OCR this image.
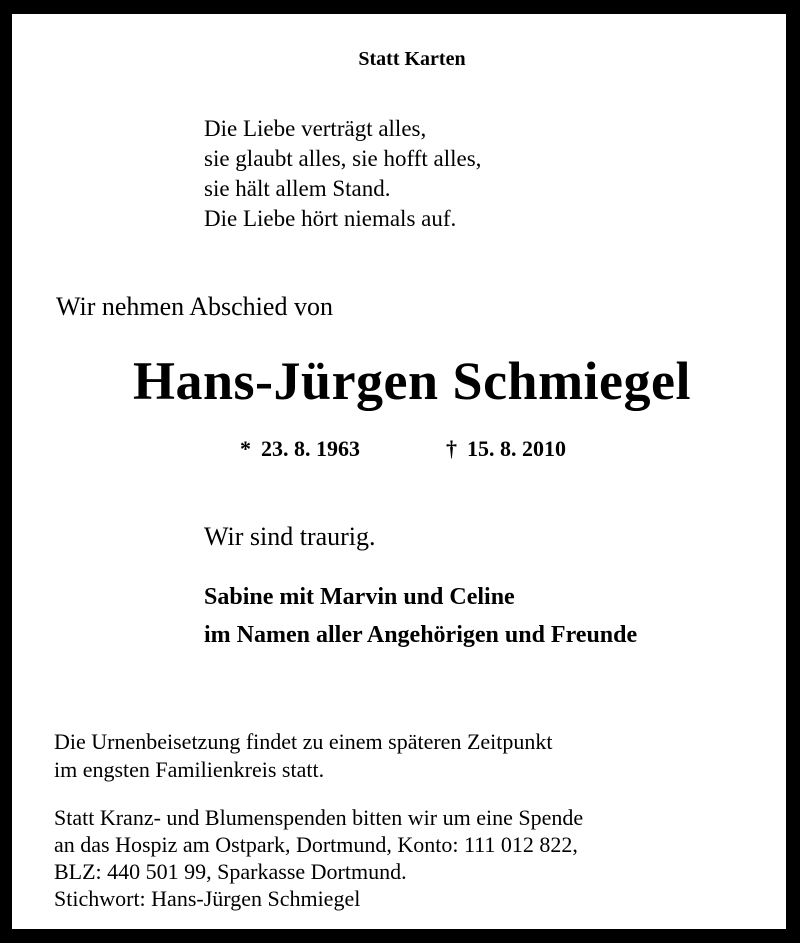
Statt Karten
Die Liebe verträgt alles,
sie glaubt alles, sie hofft alles,
sie hält allem Stand.
Die Liebe hört niemals auf.
Wir nehmen Abschied von
Hans-Jürgen Schmiegel
* 23. 8. 1963	† 15. 8. 2010
Wir sind traurig.
Sabine mit Marvin und Celine
im Namen aller Angehörigen und Freunde
Die Urnenbeisetzung findet zu einem späteren Zeitpunkt
im engsten Familienkreis statt.
Statt Kranz- und Blumenspenden bitten wir um eine Spende
an das Hospiz am Ostpark, Dortmund, Konto: 111 012 822,
BLZ: 440 501 99, Sparkasse Dortmund.
Stichwort: Hans-Jürgen Schmiegel
